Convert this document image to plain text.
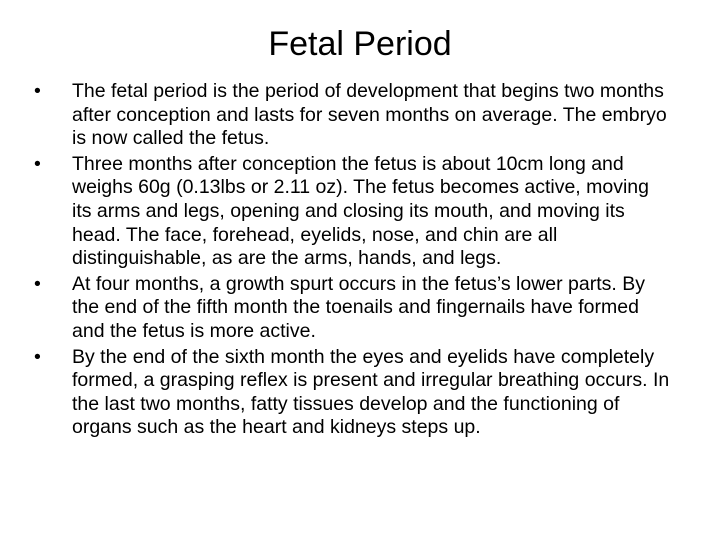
Fetal Period
•	The fetal period is the period of development that begins two months after conception and lasts for seven months on average. The embryo is now called the fetus.
•	Three months after conception the fetus is about 10cm long and weighs 60g (0.13lbs or 2.11 oz). The fetus becomes active, moving its arms and legs, opening and closing its mouth, and moving its head. The face, forehead, eyelids, nose, and chin are all distinguishable, as are the arms, hands, and legs.
•	At four months, a growth spurt occurs in the fetus’s lower parts. By the end of the fifth month the toenails and fingernails have formed and the fetus is more active.
•	By the end of the sixth month the eyes and eyelids have completely formed, a grasping reflex is present and irregular breathing occurs. In the last two months, fatty tissues develop and the functioning of organs such as the heart and kidneys steps up.
